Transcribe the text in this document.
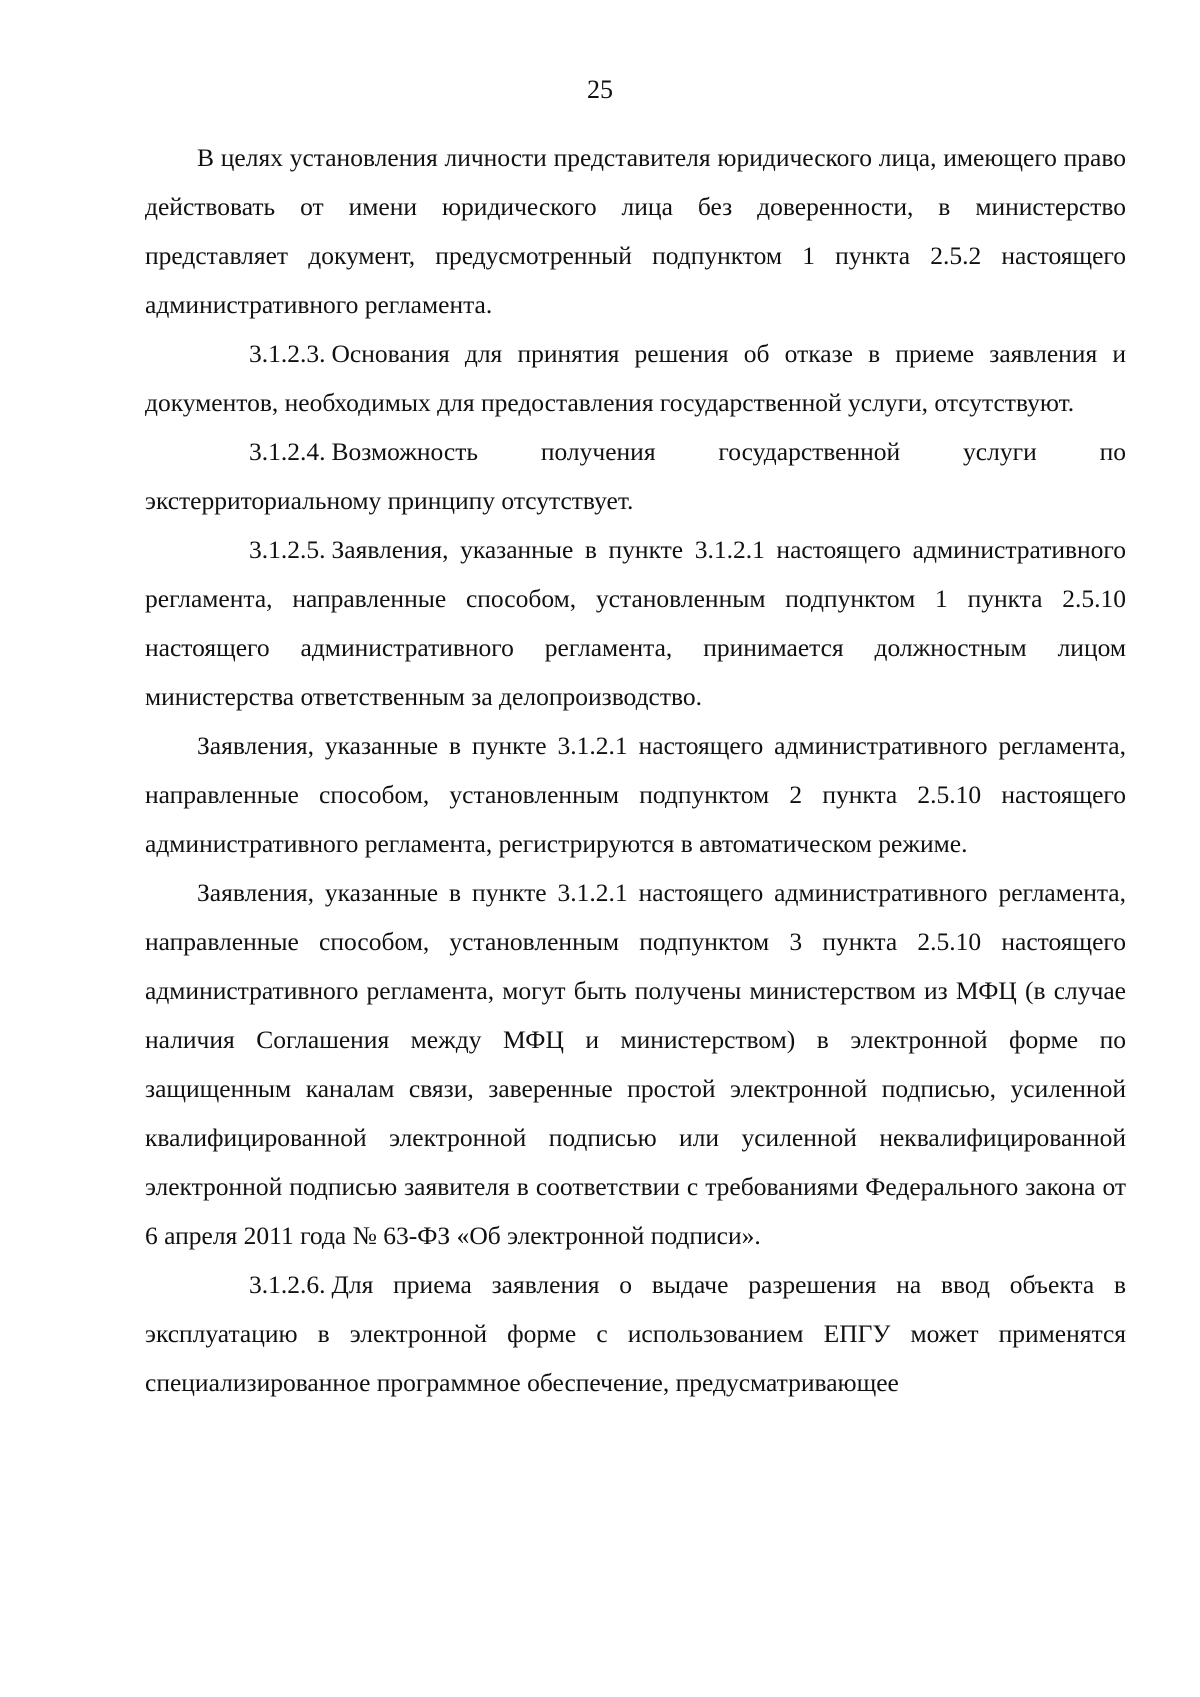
25

В целях установления личности представителя юридического лица, имеющего право действовать от имени юридического лица без доверенности, в министерство представляет документ, предусмотренный подпунктом 1 пункта 2.5.2 настоящего административного регламента.

3.1.2.3. Основания для принятия решения об отказе в приеме заявления и документов, необходимых для предоставления государственной услуги, отсутствуют.

3.1.2.4. Возможность получения государственной услуги по экстерриториальному принципу отсутствует.

3.1.2.5. Заявления, указанные в пункте 3.1.2.1 настоящего административного регламента, направленные способом, установленным подпунктом 1 пункта 2.5.10 настоящего административного регламента, принимается должностным лицом министерства ответственным за делопроизводство.

Заявления, указанные в пункте 3.1.2.1 настоящего административного регламента, направленные способом, установленным подпунктом 2 пункта 2.5.10 настоящего административного регламента, регистрируются в автоматическом режиме.

Заявления, указанные в пункте 3.1.2.1 настоящего административного регламента, направленные способом, установленным подпунктом 3 пункта 2.5.10 настоящего административного регламента, могут быть получены министерством из МФЦ (в случае наличия Соглашения между МФЦ и министерством) в электронной форме по защищенным каналам связи, заверенные простой электронной подписью, усиленной квалифицированной электронной подписью или усиленной неквалифицированной электронной подписью заявителя в соответствии с требованиями Федерального закона от 6 апреля 2011 года № 63-ФЗ «Об электронной подписи».

3.1.2.6. Для приема заявления о выдаче разрешения на ввод объекта в эксплуатацию в электронной форме с использованием ЕПГУ может применятся специализированное программное обеспечение, предусматривающее
